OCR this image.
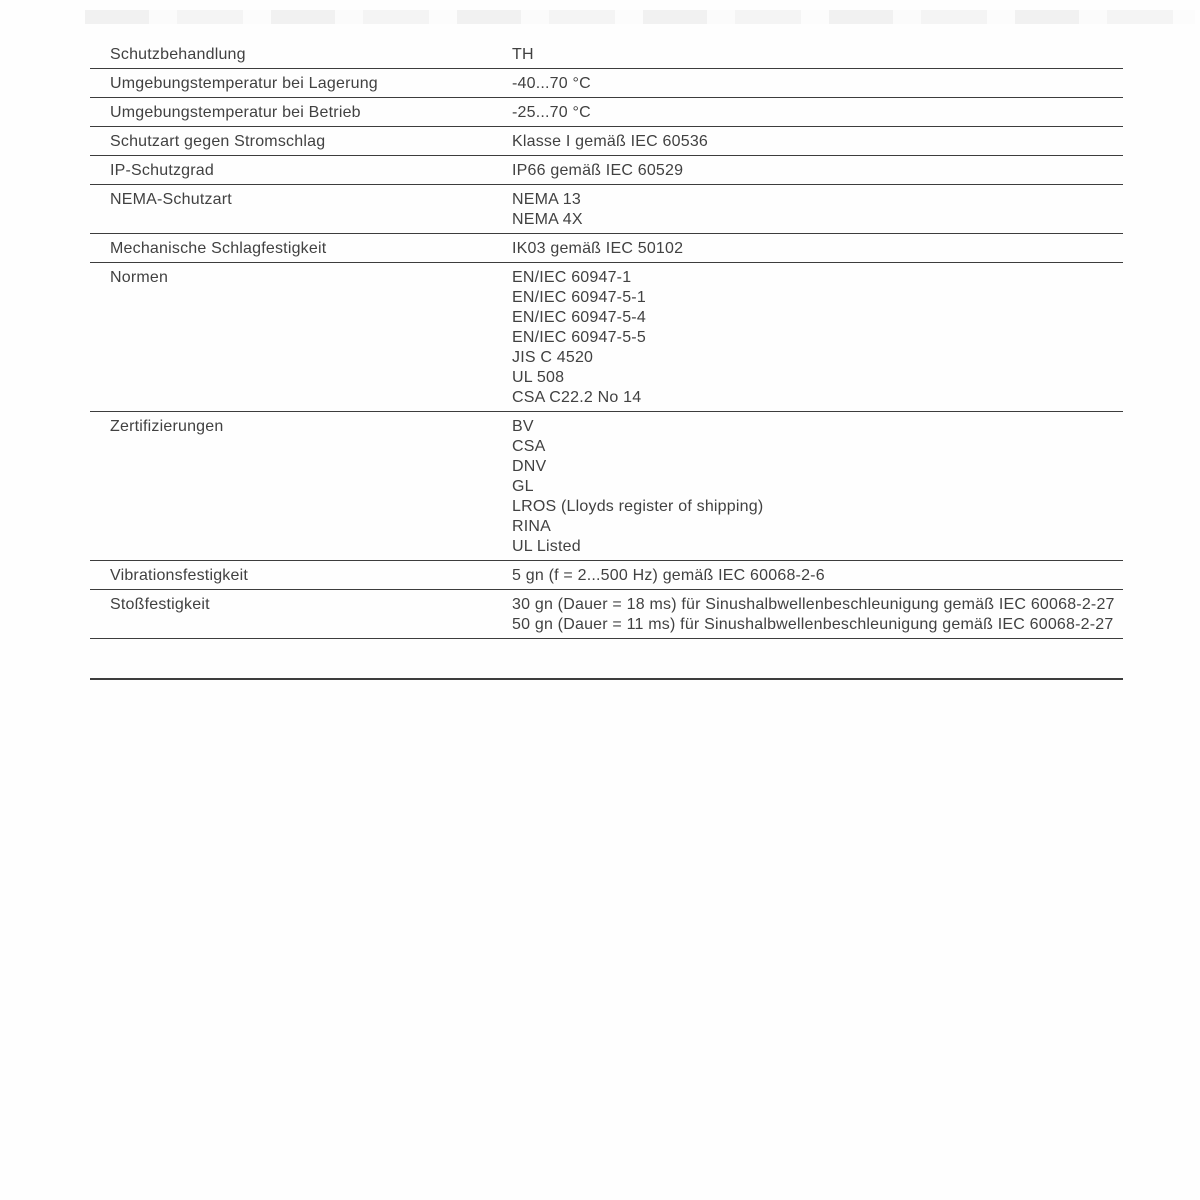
Schutzbehandlung	TH
Umgebungstemperatur bei Lagerung	-40...70 °C
Umgebungstemperatur bei Betrieb	-25...70 °C
Schutzart gegen Stromschlag	Klasse I gemäß IEC 60536
IP-Schutzgrad	IP66 gemäß IEC 60529
NEMA-Schutzart	NEMA 13
NEMA 4X
Mechanische Schlagfestigkeit	IK03 gemäß IEC 50102
Normen	EN/IEC 60947-1
EN/IEC 60947-5-1
EN/IEC 60947-5-4
EN/IEC 60947-5-5
JIS C 4520
UL 508
CSA C22.2 No 14
Zertifizierungen	BV
CSA
DNV
GL
LROS (Lloyds register of shipping)
RINA
UL Listed
Vibrationsfestigkeit	5 gn (f = 2...500 Hz) gemäß IEC 60068-2-6
Stoßfestigkeit	30 gn (Dauer = 18 ms) für Sinushalbwellenbeschleunigung gemäß IEC 60068-2-27
50 gn (Dauer = 11 ms) für Sinushalbwellenbeschleunigung gemäß IEC 60068-2-27
